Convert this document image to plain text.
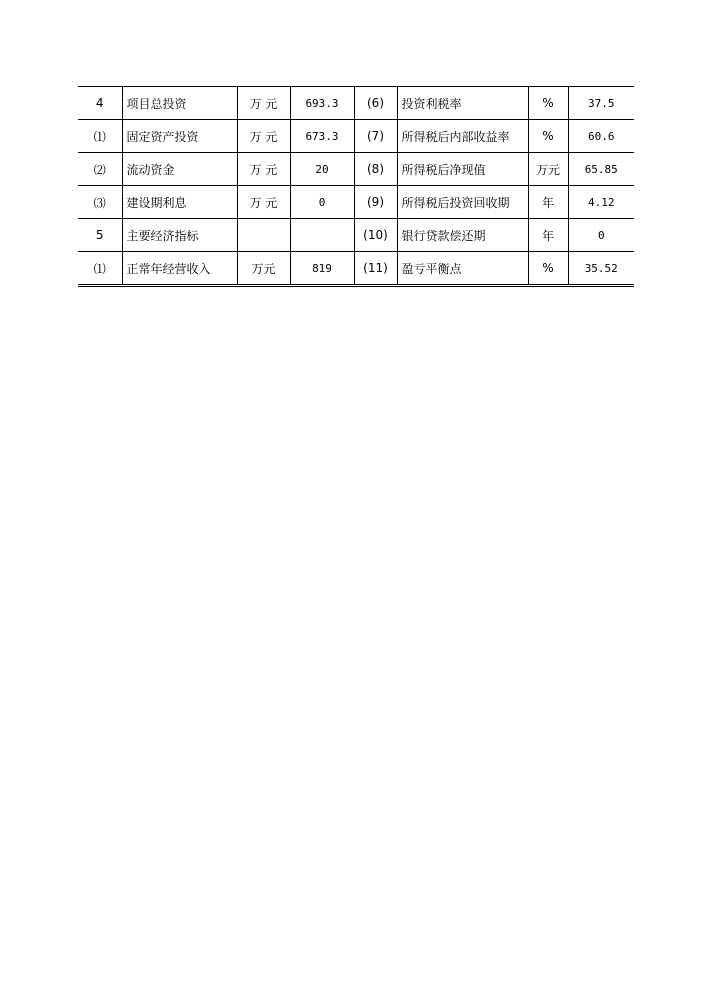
4	项目总投资	万 元	693.3	(6)	投资利税率	%	37.5
⑴	固定资产投资	万 元	673.3	(7)	所得税后内部收益率	%	60.6
⑵	流动资金	万 元	20	(8)	所得税后净现值	万元	65.85
⑶	建设期利息	万 元	0	(9)	所得税后投资回收期	年	4.12
5	主要经济指标			(10)	银行贷款偿还期	年	0
⑴	正常年经营收入	万元	819	(11)	盈亏平衡点	%	35.52
